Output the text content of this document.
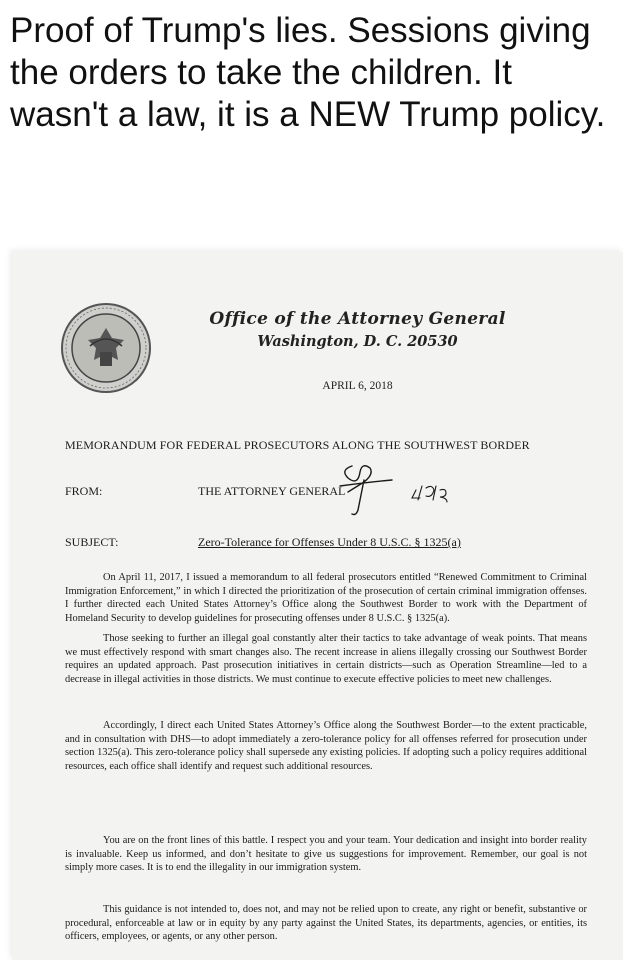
Proof of Trump's lies. Sessions giving the orders to take the children. It wasn't a law, it is a NEW Trump policy.

Office of the Attorney General
Washington, D. C. 20530
APRIL 6, 2018
MEMORANDUM FOR FEDERAL PROSECUTORS ALONG THE SOUTHWEST BORDER
FROM:	THE ATTORNEY GENERAL
SUBJECT:	Zero-Tolerance for Offenses Under 8 U.S.C. § 1325(a)

On April 11, 2017, I issued a memorandum to all federal prosecutors entitled “Renewed Commitment to Criminal Immigration Enforcement,” in which I directed the prioritization of the prosecution of certain criminal immigration offenses. I further directed each United States Attorney’s Office along the Southwest Border to work with the Department of Homeland Security to develop guidelines for prosecuting offenses under 8 U.S.C. § 1325(a).

Those seeking to further an illegal goal constantly alter their tactics to take advantage of weak points. That means we must effectively respond with smart changes also. The recent increase in aliens illegally crossing our Southwest Border requires an updated approach. Past prosecution initiatives in certain districts—such as Operation Streamline—led to a decrease in illegal activities in those districts. We must continue to execute effective policies to meet new challenges.

Accordingly, I direct each United States Attorney’s Office along the Southwest Border—to the extent practicable, and in consultation with DHS—to adopt immediately a zero-tolerance policy for all offenses referred for prosecution under section 1325(a). This zero-tolerance policy shall supersede any existing policies. If adopting such a policy requires additional resources, each office shall identify and request such additional resources.

You are on the front lines of this battle. I respect you and your team. Your dedication and insight into border reality is invaluable. Keep us informed, and don’t hesitate to give us suggestions for improvement. Remember, our goal is not simply more cases. It is to end the illegality in our immigration system.

This guidance is not intended to, does not, and may not be relied upon to create, any right or benefit, substantive or procedural, enforceable at law or in equity by any party against the United States, its departments, agencies, or entities, its officers, employees, or agents, or any other person.
